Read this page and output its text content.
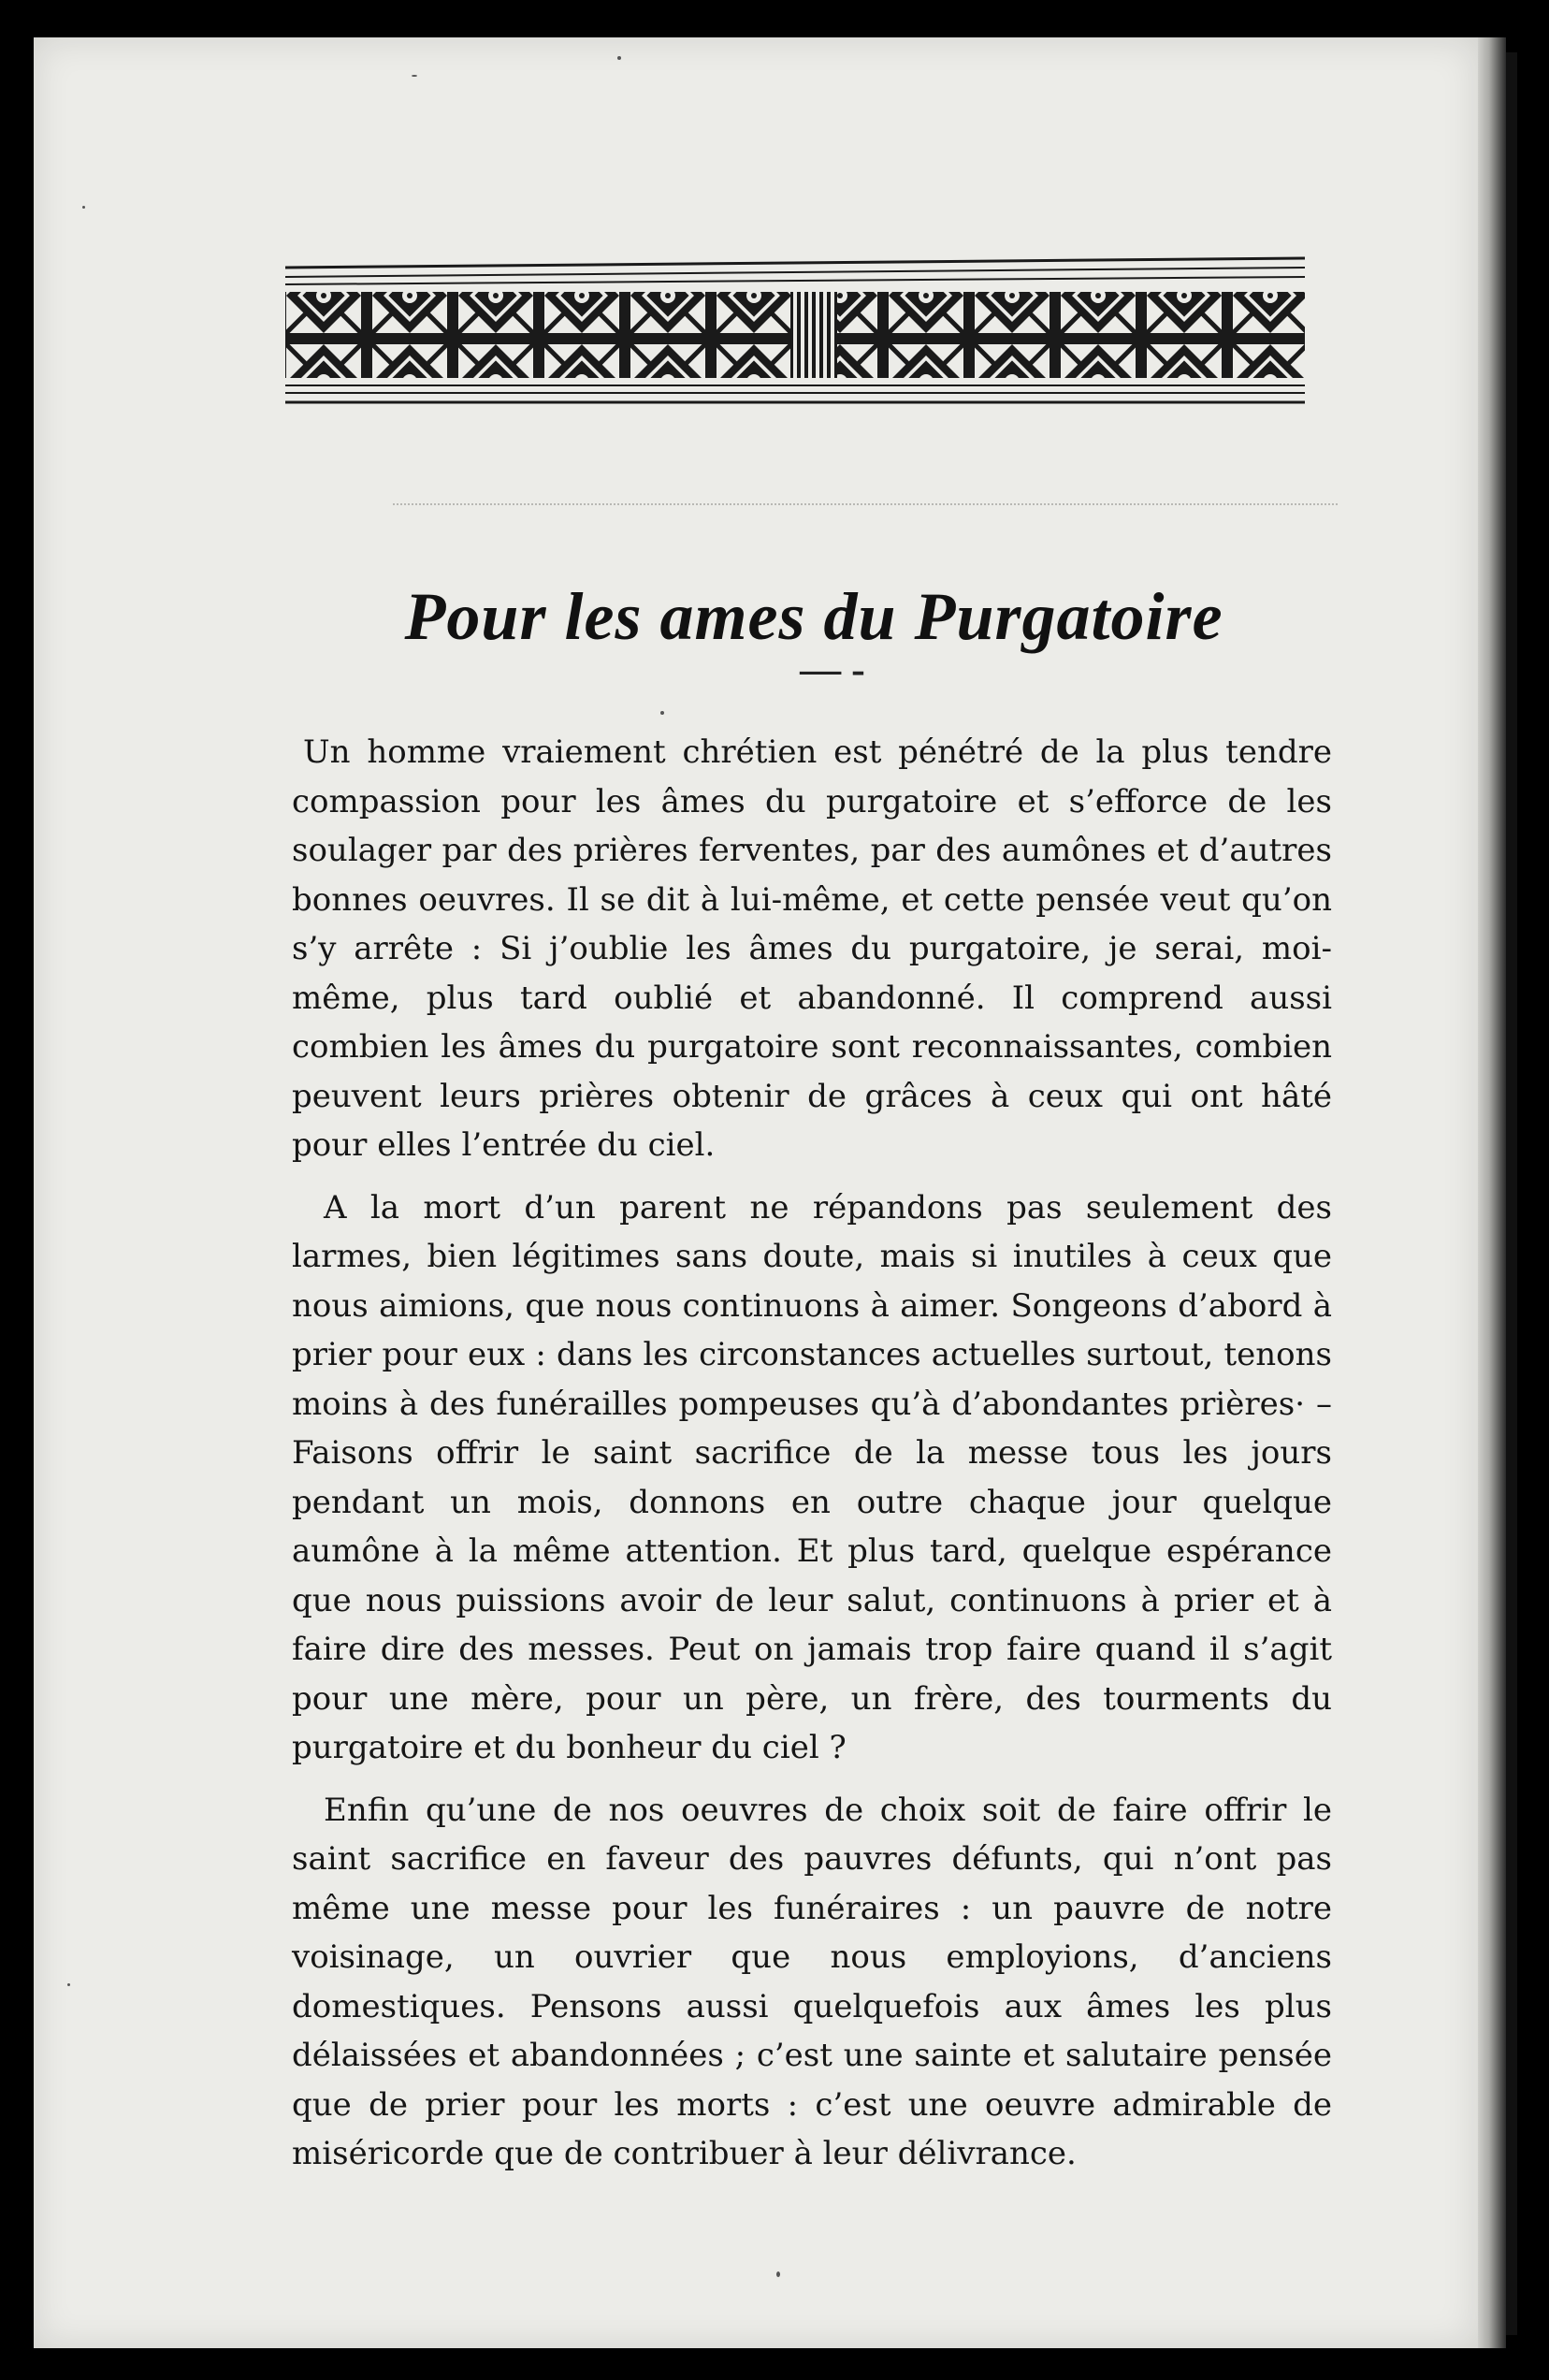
Pour les ames du Purgatoire
— -

Un homme vraiement chrétien est pénétré de la plus tendre compassion pour les âmes du purgatoire et s’efforce de les soulager par des prières ferventes, par des aumônes et d’autres bonnes oeuvres. Il se dit à lui-même, et cette pensée veut qu’on s’y arrête : Si j’oublie les âmes du purgatoire, je serai, moi-même, plus tard oublié et abandonné. Il comprend aussi combien les âmes du purgatoire sont reconnaissantes, combien peuvent leurs prières obtenir de grâces à ceux qui ont hâté pour elles l’entrée du ciel.

A la mort d’un parent ne répandons pas seulement des larmes, bien légitimes sans doute, mais si inutiles à ceux que nous aimions, que nous continuons à aimer. Songeons d’abord à prier pour eux : dans les circonstances actuelles surtout, tenons moins à des funérailles pompeuses qu’à d’abondantes prières· – Faisons offrir le saint sacrifice de la messe tous les jours pendant un mois, donnons en outre chaque jour quelque aumône à la même attention. Et plus tard, quelque espérance que nous puissions avoir de leur salut, continuons à prier et à faire dire des messes. Peut on jamais trop faire quand il s’agit pour une mère, pour un père, un frère, des tourments du purgatoire et du bonheur du ciel ?

Enfin qu’une de nos oeuvres de choix soit de faire offrir le saint sacrifice en faveur des pauvres défunts, qui n’ont pas même une messe pour les funéraires : un pauvre de notre voisinage, un ouvrier que nous employions, d’anciens domestiques. Pensons aussi quelquefois aux âmes les plus délaissées et abandonnées ; c’est une sainte et salutaire pensée que de prier pour les morts : c’est une oeuvre admirable de miséricorde que de contribuer à leur délivrance.
